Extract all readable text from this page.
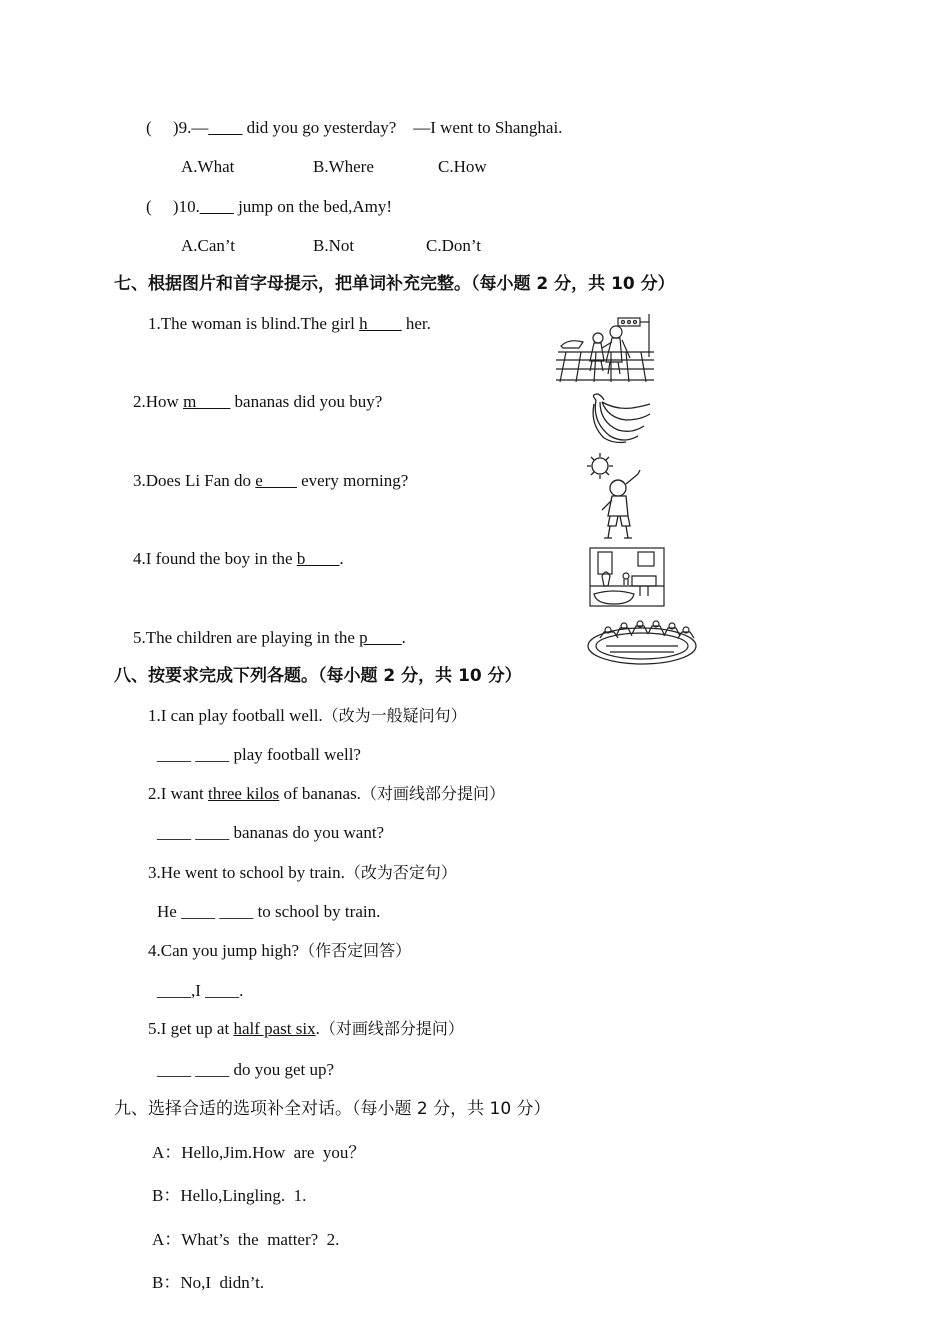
(     )9.—____ did you go yesterday?    —I went to Shanghai.
A.What	B.Where	C.How
(     )10.____ jump on the bed,Amy!
A.Can’t	B.Not	C.Don’t
七、根据图片和首字母提示，把单词补充完整。（每小题 2 分，共 10 分）
1.The woman is blind.The girl h____ her.
2.How m____ bananas did you buy?
3.Does Li Fan do e____ every morning?
4.I found the boy in the b____.
5.The children are playing in the p____.
八、按要求完成下列各题。（每小题 2 分，共 10 分）
1.I can play football well.（改为一般疑问句）
____ ____ play football well?
2.I want three kilos of bananas.（对画线部分提问）
____ ____ bananas do you want?
3.He went to school by train.（改为否定句）
He ____ ____ to school by train.
4.Can you jump high?（作否定回答）
____,I ____.
5.I get up at half past six.（对画线部分提问）
____ ____ do you get up?
九、选择合适的选项补全对话。（每小题 2 分，共 10 分）
A：Hello,Jim.How  are  you？
B：Hello,Lingling.  1.
A：What’s  the  matter?  2.
B：No,I  didn’t.
